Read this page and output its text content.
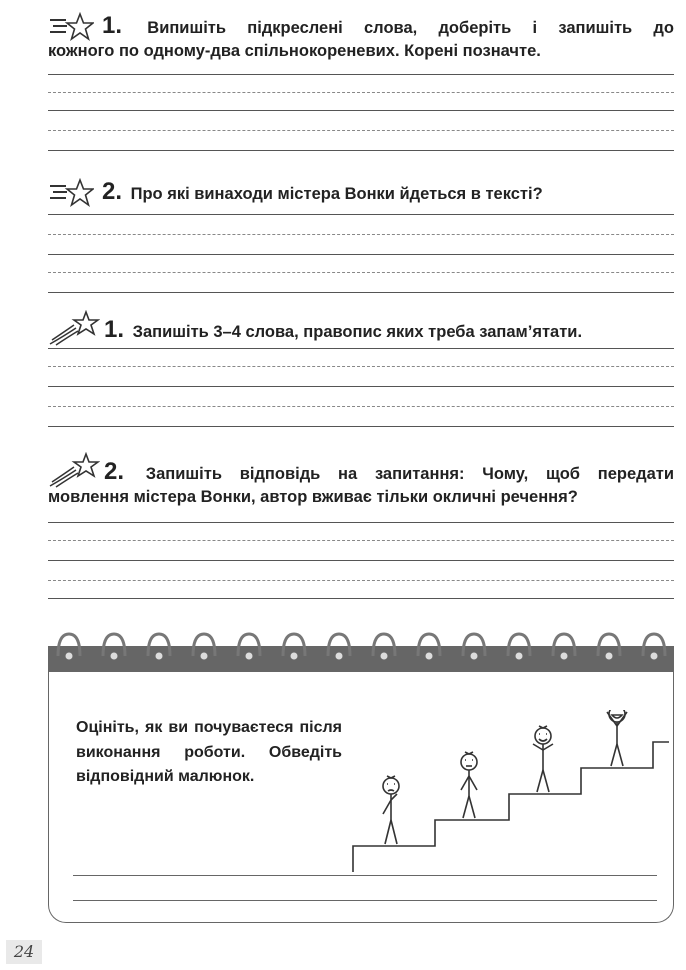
1. Випишіть підкреслені слова, доберіть і запишіть до
кожного по одному-два спільнокореневих. Корені позначте.
2. Про які винаходи містера Вонки йдеться в тексті?
1. Запишіть 3–4 слова, правопис яких треба запам’ятати.
2. Запишіть відповідь на запитання: Чому, щоб передати
мовлення містера Вонки, автор вживає тільки окличні речення?
Оцініть, як ви почуваєтеся після виконання роботи. Обведіть відповідний малюнок.
24
